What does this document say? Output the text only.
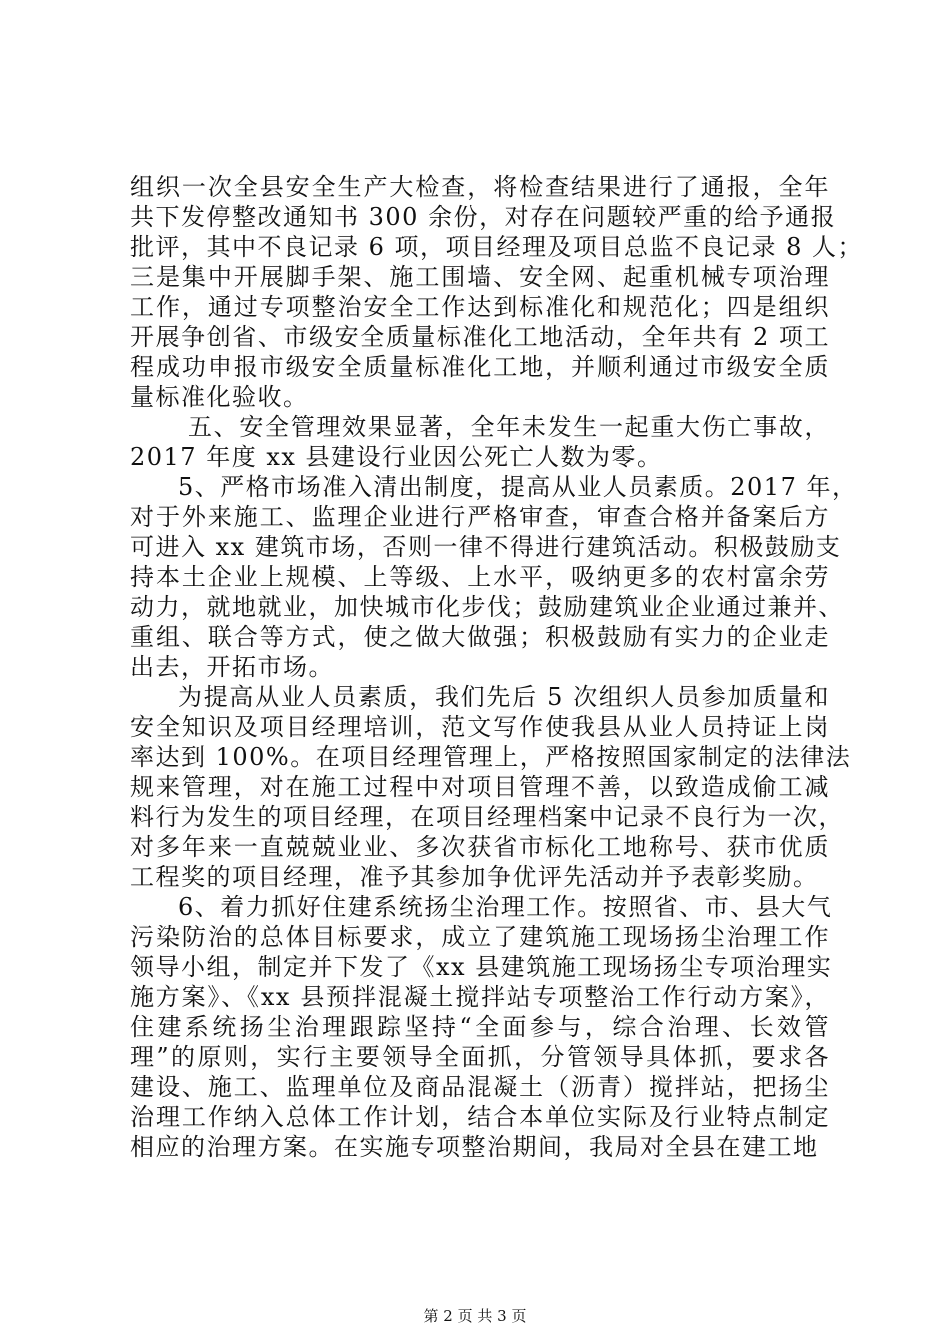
组织一次全县安全生产大检查，将检查结果进行了通报，全年
共下发停整改通知书 300 余份，对存在问题较严重的给予通报
批评，其中不良记录 6 项，项目经理及项目总监不良记录 8 人；
三是集中开展脚手架、施工围墙、安全网、起重机械专项治理
工作，通过专项整治安全工作达到标准化和规范化；四是组织
开展争创省、市级安全质量标准化工地活动，全年共有 2 项工
程成功申报市级安全质量标准化工地，并顺利通过市级安全质
量标准化验收。
五、安全管理效果显著，全年未发生一起重大伤亡事故，
2017 年度 xx 县建设行业因公死亡人数为零。
5、严格市场准入清出制度，提高从业人员素质。2017 年，
对于外来施工、监理企业进行严格审查，审查合格并备案后方
可进入 xx 建筑市场，否则一律不得进行建筑活动。积极鼓励支
持本土企业上规模、上等级、上水平，吸纳更多的农村富余劳
动力，就地就业，加快城市化步伐；鼓励建筑业企业通过兼并、
重组、联合等方式，使之做大做强；积极鼓励有实力的企业走
出去，开拓市场。
为提高从业人员素质，我们先后 5 次组织人员参加质量和
安全知识及项目经理培训，范文写作使我县从业人员持证上岗
率达到 100%。在项目经理管理上，严格按照国家制定的法律法
规来管理，对在施工过程中对项目管理不善，以致造成偷工减
料行为发生的项目经理，在项目经理档案中记录不良行为一次，
对多年来一直兢兢业业、多次获省市标化工地称号、获市优质
工程奖的项目经理，准予其参加争优评先活动并予表彰奖励。
6、着力抓好住建系统扬尘治理工作。按照省、市、县大气
污染防治的总体目标要求，成立了建筑施工现场扬尘治理工作
领导小组，制定并下发了《xx 县建筑施工现场扬尘专项治理实
施方案》、《xx 县预拌混凝土搅拌站专项整治工作行动方案》，
住建系统扬尘治理跟踪坚持“全面参与，综合治理、长效管
理”的原则，实行主要领导全面抓，分管领导具体抓，要求各
建设、施工、监理单位及商品混凝土（沥青）搅拌站，把扬尘
治理工作纳入总体工作计划，结合本单位实际及行业特点制定
相应的治理方案。在实施专项整治期间，我局对全县在建工地
第 2 页 共 3 页
